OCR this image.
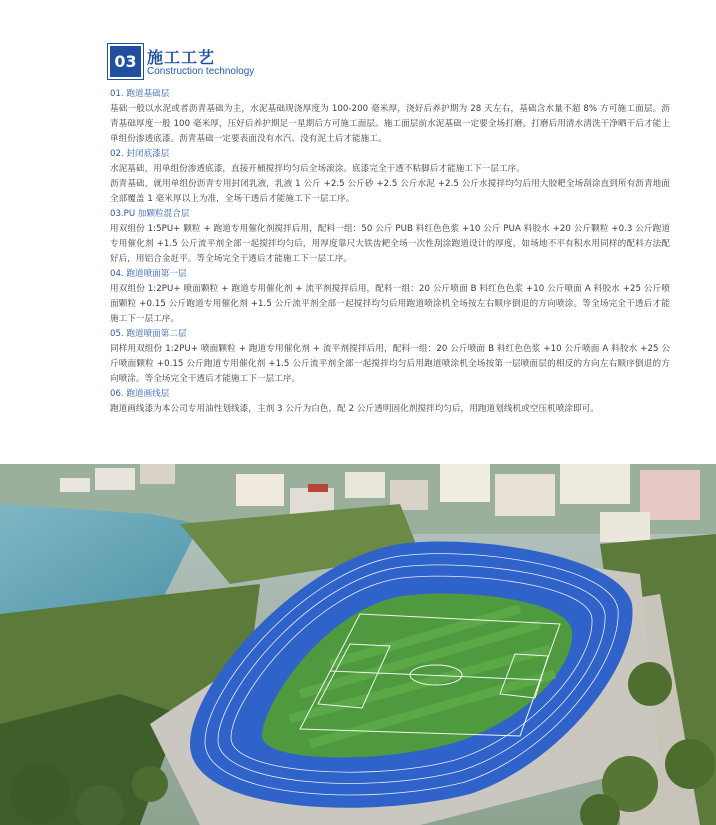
03 施工工艺
Construction technology
01. 跑道基础层

基础一般以水泥或者沥青基础为主，水泥基础现浇厚度为 100-200 毫米厚，浇好后养护期为 28 天左右，基础含水量不超 8% 方可施工面层。沥青基础厚度一般 100 毫米厚，压好后养护期足一星期后方可施工面层。施工面层前水泥基础一定要全场打磨。打磨后用清水清洗干净晒干后才能上单组份渗透底漆。沥青基础一定要表面没有水汽、没有泥土后才能施工。

02. 封闭底漆层

水泥基础，用单组份渗透底漆，直接开桶搅拌均匀后全场滚涂。底漆完全干透不粘脚后才能施工下一层工序。

沥青基础，就用单组份沥青专用封闭乳液，乳液 1 公斤 +2.5 公斤砂 +2.5 公斤水泥 +2.5 公斤水搅拌均匀后用大胶耙全场刮涂直到所有沥青地面全部覆盖 1 毫米厚以上为准，全场干透后才能施工下一层工序。

03.PU 加颗粒混合层

用双组份 1:5PU+ 颗粒 + 跑道专用催化剂搅拌后用，配料一组：50 公斤 PUB 料红色色浆 +10 公斤 PUA 料胶水 +20 公斤颗粒 +0.3 公斤跑道专用催化剂 +1.5 公斤流平剂全部一起搅拌均匀后，用厚度靠尺大铁齿耙全场一次性刮涂跑道设计的厚度，如场地不平有积水用同样的配料方法配好后，用铝合金赶平。等全场完全干透后才能施工下一层工序。

04. 跑道喷面第一层

用双组份 1:2PU+ 喷面颗粒 + 跑道专用催化剂 + 流平剂搅拌后用，配料一组：20 公斤喷面 B 料红色色浆 +10 公斤喷面 A 料胶水 +25 公斤喷面颗粒 +0.15 公斤跑道专用催化剂 +1.5 公斤流平剂全部一起搅拌均匀后用跑道喷涂机全场按左右顺序倒退的方向喷涂。等全场完全干透后才能施工下一层工序。

05. 跑道喷面第二层

同样用双组份 1:2PU+ 喷面颗粒 + 跑道专用催化剂 + 流平剂搅拌后用，配料一组：20 公斤喷面 B 料红色色浆 +10 公斤喷面 A 料胶水 +25 公斤喷面颗粒 +0.15 公斤跑道专用催化剂 +1.5 公斤流平剂全部一起搅拌均匀后用跑道喷涂机全场按第一层喷面层的相反的方向左右顺序倒退的方向喷涂。等全场完全干透后才能施工下一层工序。

06. 跑道画线层

跑道画线漆为本公司专用油性划线漆，主剂 3 公斤为白色，配 2 公斤透明固化剂搅拌均匀后，用跑道划线机或空压机喷涂即可。
